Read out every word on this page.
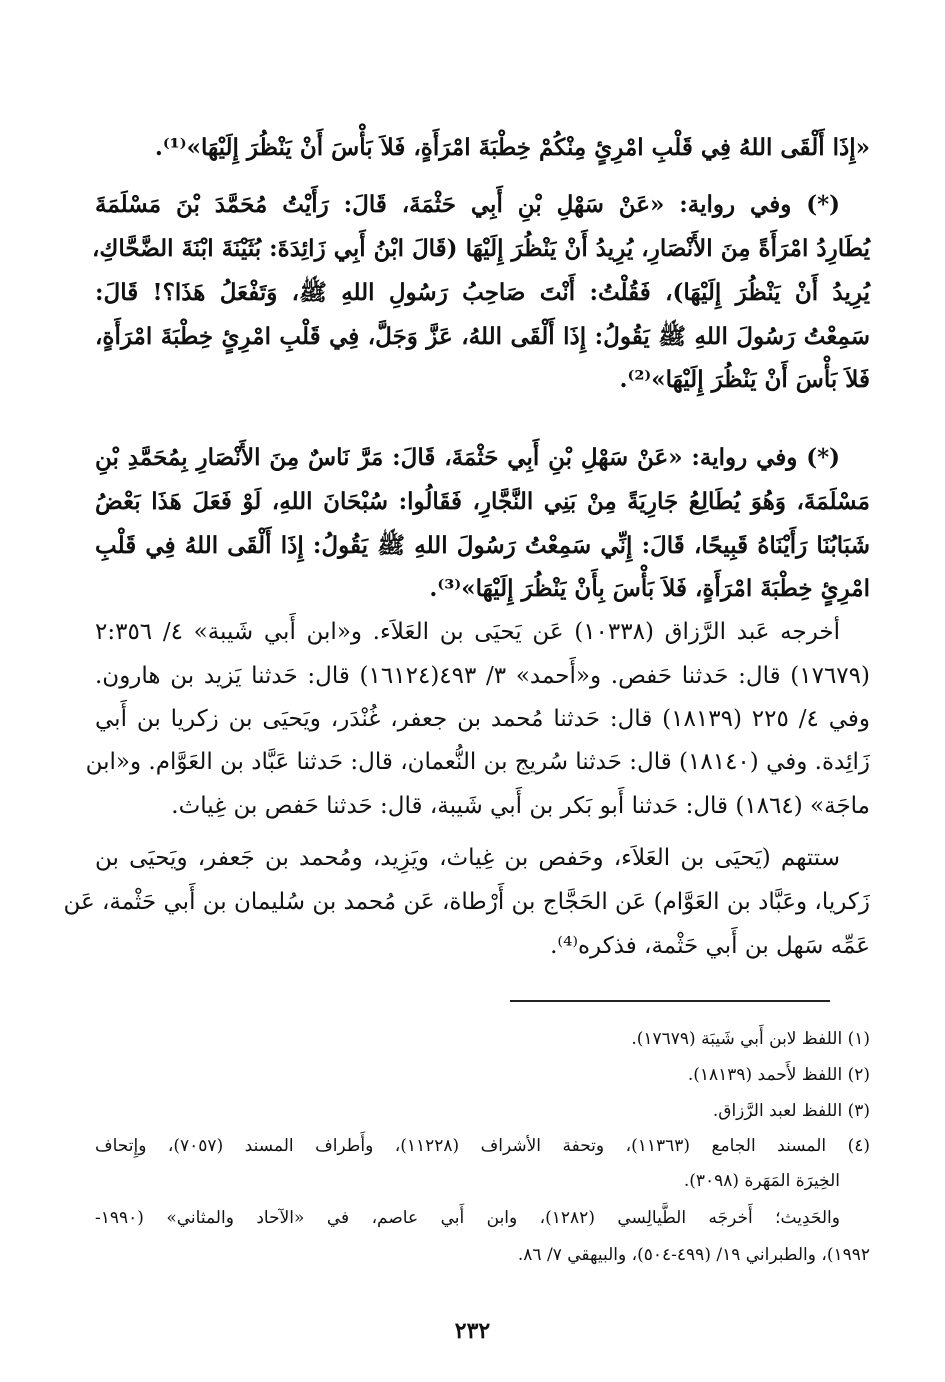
«إِذَا أَلْقَى اللهُ فِي قَلْبِ امْرِئٍ مِنْكُمْ خِطْبَةَ امْرَأَةٍ، فَلاَ بَأْسَ أَنْ يَنْظُرَ إِلَيْهَا»⁽¹⁾.
(*) وفي رواية: «عَنْ سَهْلِ بْنِ أَبِي حَثْمَةَ، قَالَ: رَأَيْتُ مُحَمَّدَ بْنَ مَسْلَمَةَ
يُطَارِدُ امْرَأَةً مِنَ الأَنْصَارِ، يُرِيدُ أَنْ يَنْظُرَ إِلَيْهَا (قَالَ ابْنُ أَبِي زَائِدَةَ: بُثَيْنَةَ ابْنَةَ الضَّحَّاكِ،
يُرِيدُ أَنْ يَنْظُرَ إِلَيْهَا)، فَقُلْتُ: أَنْتَ صَاحِبُ رَسُولِ اللهِ ﷺ، وَتَفْعَلُ هَذَا؟! قَالَ:
سَمِعْتُ رَسُولَ اللهِ ﷺ يَقُولُ: إِذَا أَلْقَى اللهُ، عَزَّ وَجَلَّ، فِي قَلْبِ امْرِئٍ خِطْبَةَ امْرَأَةٍ،
فَلاَ بَأْسَ أَنْ يَنْظُرَ إِلَيْهَا»⁽²⁾.
(*) وفي رواية: «عَنْ سَهْلِ بْنِ أَبِي حَثْمَةَ، قَالَ: مَرَّ نَاسٌ مِنَ الأَنْصَارِ بِمُحَمَّدِ بْنِ
مَسْلَمَةَ، وَهُوَ يُطَالِعُ جَارِيَةً مِنْ بَنِي النَّجَّارِ، فَقَالُوا: سُبْحَانَ اللهِ، لَوْ فَعَلَ هَذَا بَعْضُ
شَبَابُنَا رَأَيْنَاهُ قَبِيحًا، قَالَ: إِنِّي سَمِعْتُ رَسُولَ اللهِ ﷺ يَقُولُ: إِذَا أَلْقَى اللهُ فِي قَلْبِ
امْرِئٍ خِطْبَةَ امْرَأَةٍ، فَلاَ بَأْسَ بِأَنْ يَنْظُرَ إِلَيْهَا»⁽³⁾.
أخرجه عَبد الرَّزاق (١٠٣٣٨) عَن يَحيَى بن العَلاَء. و«ابن أَبي شَيبة» ٤/ ٢:٣٥٦
(١٧٦٧٩) قال: حَدثنا حَفص. و«أَحمد» ٣/ ٤٩٣(١٦١٢٤) قال: حَدثنا يَزيد بن هارون.
وفي ٤/ ٢٢٥ (١٨١٣٩) قال: حَدثنا مُحمد بن جعفر، غُنْدَر، ويَحيَى بن زكريا بن أَبي
زَائِدة. وفي (١٨١٤٠) قال: حَدثنا سُريج بن النُّعمان، قال: حَدثنا عَبَّاد بن العَوَّام. و«ابن
ماجَة» (١٨٦٤) قال: حَدثنا أَبو بَكر بن أَبي شَيبة، قال: حَدثنا حَفص بن غِياث.
ستتهم (يَحيَى بن العَلاَء، وحَفص بن غِياث، ويَزِيد، ومُحمد بن جَعفر، ويَحيَى بن
زَكريا، وعَبَّاد بن العَوَّام) عَن الحَجَّاج بن أَرْطاة، عَن مُحمد بن سُليمان بن أَبي حَثْمة، عَن
عَمِّه سَهل بن أَبي حَثْمة، فذكره⁽⁴⁾.
(١) اللفظ لابن أَبي شَيبَة (١٧٦٧٩).
(٢) اللفظ لأَحمد (١٨١٣٩).
(٣) اللفظ لعبد الرَّزاق.
(٤) المسند الجامع (١١٣٦٣)، وتحفة الأشراف (١١٢٢٨)، وأَطراف المسند (٧٠٥٧)، وإِتحاف
الخِيرَة المَهَرة (٣٠٩٨).
والحَدِيث؛ أَخرجَه الطَّيالِسي (١٢٨٢)، وابن أَبي عاصم، في «الآحاد والمثاني» (١٩٩٠-
١٩٩٢)، والطبراني ١٩/ (٤٩٩-٥٠٤)، والبيهقي ٧/ ٨٦.
٢٣٢
